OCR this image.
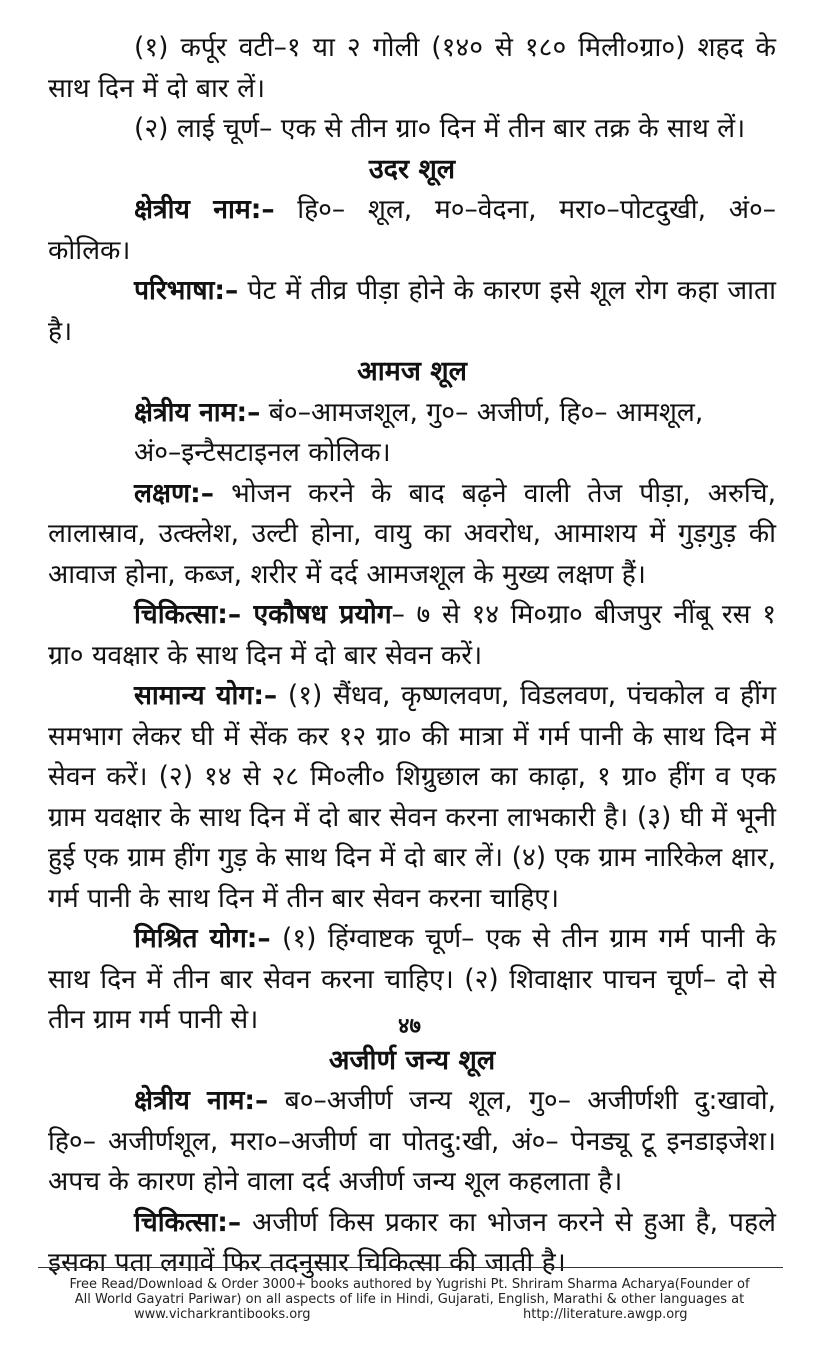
(१) कर्पूर वटी–१ या २ गोली (१४० से १८० मिली०ग्रा०) शहद के साथ दिन में दो बार लें।

(२) लाई चूर्ण– एक से तीन ग्रा० दिन में तीन बार तक्र के साथ लें।

उदर शूल

क्षेत्रीय नाम:– हि०– शूल, म०–वेदना, मरा०–पोटदुखी, अं०– कोलिक।

परिभाषा:– पेट में तीव्र पीड़ा होने के कारण इसे शूल रोग कहा जाता है।

आमज शूल

क्षेत्रीय नाम:– बं०–आमजशूल, गु०– अजीर्ण, हि०– आमशूल,

अं०–इन्टैसटाइनल कोलिक।

लक्षण:– भोजन करने के बाद बढ़ने वाली तेज पीड़ा, अरुचि, लालास्राव, उत्क्लेश, उल्टी होना, वायु का अवरोध, आमाशय में गुड़गुड़ की आवाज होना, कब्ज, शरीर में दर्द आमजशूल के मुख्य लक्षण हैं।

चिकित्सा:– एकौषध प्रयोग– ७ से १४ मि०ग्रा० बीजपुर नींबू रस १ ग्रा० यवक्षार के साथ दिन में दो बार सेवन करें।

सामान्य योग:– (१) सैंधव, कृष्णलवण, विडलवण, पंचकोल व हींग समभाग लेकर घी में सेंक कर १२ ग्रा० की मात्रा में गर्म पानी के साथ दिन में सेवन करें। (२) १४ से २८ मि०ली० शिग्रुछाल का काढ़ा, १ ग्रा० हींग व एक ग्राम यवक्षार के साथ दिन में दो बार सेवन करना लाभकारी है। (३) घी में भूनी हुई एक ग्राम हींग गुड़ के साथ दिन में दो बार लें। (४) एक ग्राम नारिकेल क्षार, गर्म पानी के साथ दिन में तीन बार सेवन करना चाहिए।

मिश्रित योग:– (१) हिंग्वाष्टक चूर्ण– एक से तीन ग्राम गर्म पानी के साथ दिन में तीन बार सेवन करना चाहिए। (२) शिवाक्षार पाचन चूर्ण– दो से तीन ग्राम गर्म पानी से।

अजीर्ण जन्य शूल

क्षेत्रीय नाम:– ब०–अजीर्ण जन्य शूल, गु०– अजीर्णशी दु:खावो, हि०– अजीर्णशूल, मरा०–अजीर्ण वा पोतदु:खी, अं०– पेनड्यू टू इनडाइजेश। अपच के कारण होने वाला दर्द अजीर्ण जन्य शूल कहलाता है।

चिकित्सा:– अजीर्ण किस प्रकार का भोजन करने से हुआ है, पहले इसका पता लगावें फिर तदनुसार चिकित्सा की जाती है।

४७
Free Read/Download & Order 3000+ books authored by Yugrishi Pt. Shriram Sharma Acharya(Founder of
All World Gayatri Pariwar) on all aspects of life in Hindi, Gujarati, English, Marathi & other languages at
www.vicharkrantibooks.org	http://literature.awgp.org
